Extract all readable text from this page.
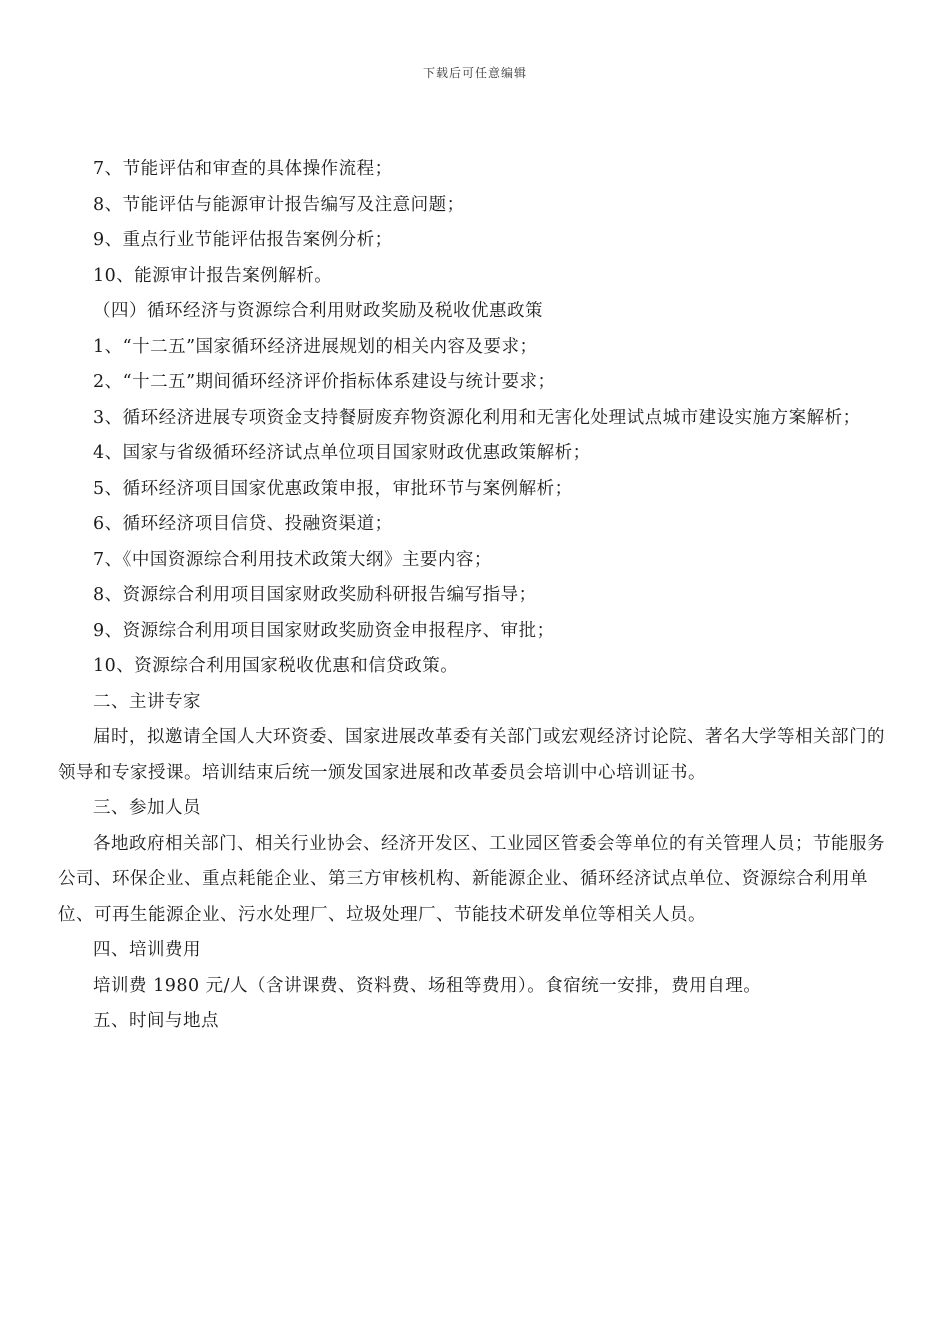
下载后可任意编辑

7、节能评估和审查的具体操作流程；

8、节能评估与能源审计报告编写及注意问题；

9、重点行业节能评估报告案例分析；

10、能源审计报告案例解析。

（四）循环经济与资源综合利用财政奖励及税收优惠政策

1、“十二五”国家循环经济进展规划的相关内容及要求；

2、“十二五”期间循环经济评价指标体系建设与统计要求；

3、循环经济进展专项资金支持餐厨废弃物资源化利用和无害化处理试点城市建设实施方案解析；

4、国家与省级循环经济试点单位项目国家财政优惠政策解析；

5、循环经济项目国家优惠政策申报，审批环节与案例解析；

6、循环经济项目信贷、投融资渠道；

7、《中国资源综合利用技术政策大纲》主要内容；

8、资源综合利用项目国家财政奖励科研报告编写指导；

9、资源综合利用项目国家财政奖励资金申报程序、审批；

10、资源综合利用国家税收优惠和信贷政策。

二、主讲专家

届时，拟邀请全国人大环资委、国家进展改革委有关部门或宏观经济讨论院、著名大学等相关部门的领导和专家授课。培训结束后统一颁发国家进展和改革委员会培训中心培训证书。

三、参加人员

各地政府相关部门、相关行业协会、经济开发区、工业园区管委会等单位的有关管理人员；节能服务公司、环保企业、重点耗能企业、第三方审核机构、新能源企业、循环经济试点单位、资源综合利用单位、可再生能源企业、污水处理厂、垃圾处理厂、节能技术研发单位等相关人员。

四、培训费用

培训费 1980 元/人（含讲课费、资料费、场租等费用）。食宿统一安排，费用自理。

五、时间与地点
